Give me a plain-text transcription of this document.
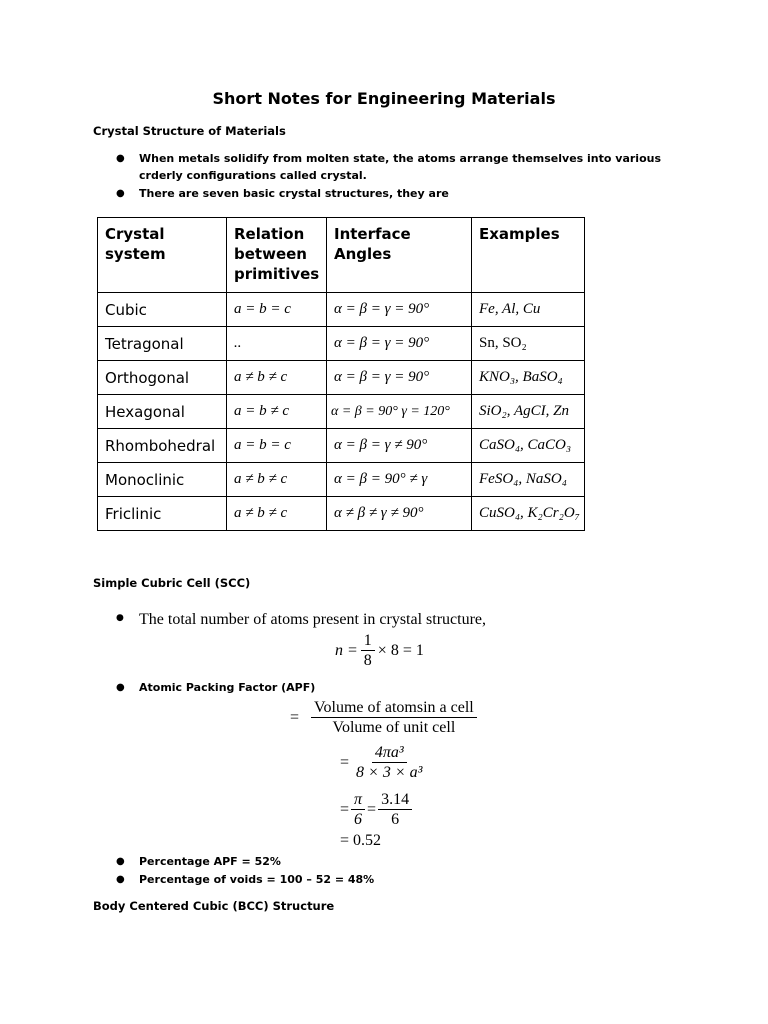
Short Notes for Engineering Materials
Crystal Structure of Materials
● When metals solidify from molten state, the atoms arrange themselves into various crderly configurations called crystal.
● There are seven basic crystal structures, they are
Crystal system	Relation between primitives	Interface Angles	Examples
Cubic	a = b = c	α = β = γ = 90°	Fe, Al, Cu
Tetragonal	..	α = β = γ = 90°	Sn, SO₂
Orthogonal	a ≠ b ≠ c	α = β = γ = 90°	KNO₃, BaSO₄
Hexagonal	a = b ≠ c	α = β = 90° γ = 120°	SiO₂, AgCI, Zn
Rhombohedral	a = b = c	α = β = γ ≠ 90°	CaSO₄, CaCO₃
Monoclinic	a ≠ b ≠ c	α = β = 90° ≠ γ	FeSO₄, NaSO₄
Friclinic	a ≠ b ≠ c	α ≠ β ≠ γ ≠ 90°	CuSO₄, K₂Cr₂O₇
Simple Cubric Cell (SCC)
● The total number of atoms present in crystal structure,
$n = \frac{1}{8} \times 8 = 1$
● Atomic Packing Factor (APF)
= $\frac{\text{Volume of atomsin a cell}}{\text{Volume of unit cell}}$
= $\frac{\text{4πa³}}{\text{8 × 3 × a³}}$
= $\frac{\pi}{6} = \frac{3.14}{6}$
= 0.52
● Percentage APF = 52%
● Percentage of voids = 100 – 52 = 48%
Body Centered Cubic (BCC) Structure
